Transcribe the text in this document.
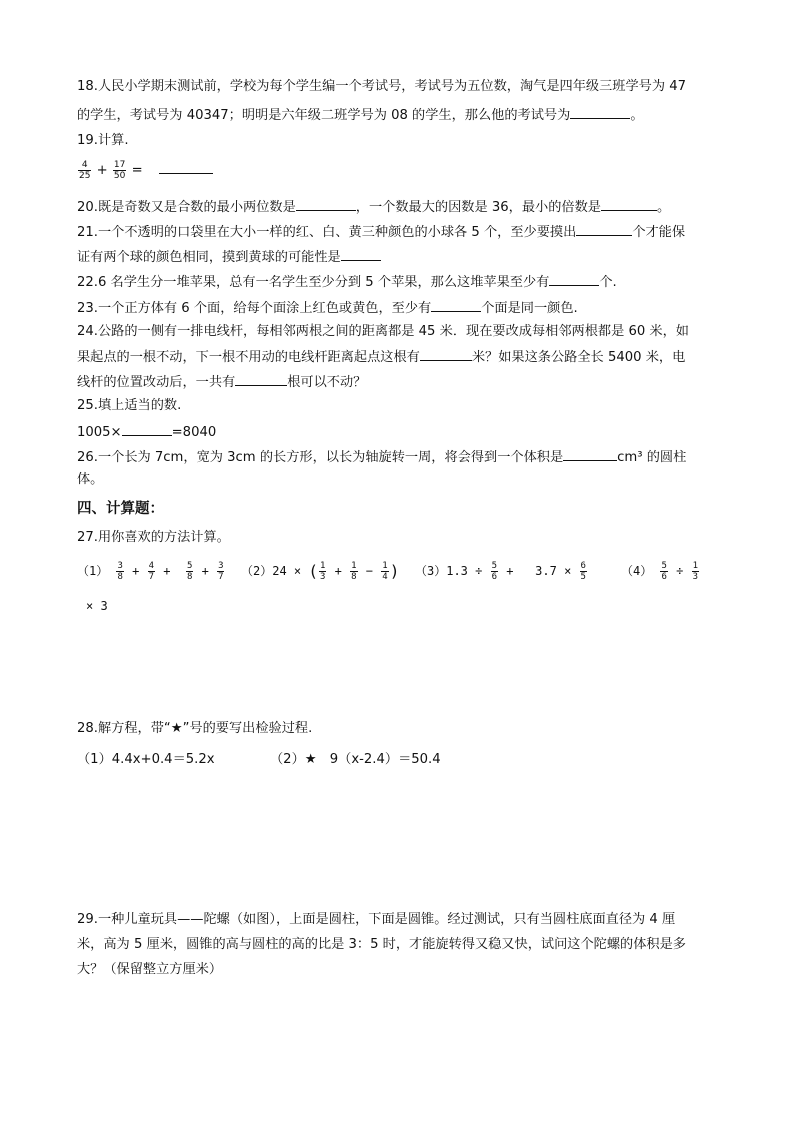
18.人民小学期末测试前，学校为每个学生编一个考试号，考试号为五位数，淘气是四年级三班学号为 47
的学生，考试号为 40347；明明是六年级二班学号为 08 的学生，那么他的考试号为	。
19.计算.
$\frac{4}{25} + \frac{17}{50}$ =
20.既是奇数又是合数的最小两位数是	，一个数最大的因数是 36，最小的倍数是	。
21.一个不透明的口袋里在大小一样的红、白、黄三种颜色的小球各 5 个，至少要摸出	个才能保
证有两个球的颜色相同，摸到黄球的可能性是
22.6 名学生分一堆苹果，总有一名学生至少分到 5 个苹果，那么这堆苹果至少有	个.
23.一个正方体有 6 个面，给每个面涂上红色或黄色，至少有	个面是同一颜色.
24.公路的一侧有一排电线杆，每相邻两根之间的距离都是 45 米．现在要改成每相邻两根都是 60 米，如
果起点的一根不动，下一根不用动的电线杆距离起点这根有	米？如果这条公路全长 5400 米，电
线杆的位置改动后，一共有	根可以不动？
25.填上适当的数.
1005×	=8040
26.一个长为 7cm，宽为 3cm 的长方形，以长为轴旋转一周，将会得到一个体积是	cm³ 的圆柱
体。
四、计算题：
27.用你喜欢的方法计算。
$(1) \frac{3}{8} + \frac{4}{7} + \frac{5}{8} + \frac{3}{7} (2)24$ × ( $\frac{1}{3} + \frac{1}{8} - \frac{1}{4}$ ) $(3)1.3 \div \frac{5}{6} + 3.7 \times \frac{6}{5}$	$(4) \frac{5}{6} \div \frac{1}{3}$
× 3
28.解方程，带“★”号的要写出检验过程.
（1）4.4x+0.4＝5.2x	（2）★　9（x-2.4）＝50.4
29.一种儿童玩具——陀螺（如图），上面是圆柱，下面是圆锥。经过测试，只有当圆柱底面直径为 4 厘
米，高为 5 厘米，圆锥的高与圆柱的高的比是 3：5 时，才能旋转得又稳又快，试问这个陀螺的体积是多
大？（保留整立方厘米）
